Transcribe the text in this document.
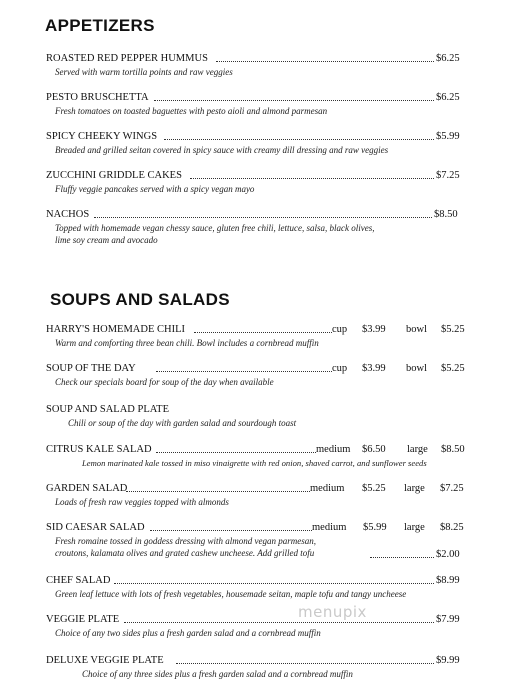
APPETIZERS
SOUPS AND SALADS
ROASTED RED PEPPER HUMMUS	$6.25
Served with warm tortilla points and raw veggies
PESTO BRUSCHETTA	$6.25
Fresh tomatoes on toasted baguettes with pesto aioli and almond parmesan
SPICY CHEEKY WINGS	$5.99
Breaded and grilled seitan covered in spicy sauce with creamy dill dressing and raw veggies
ZUCCHINI GRIDDLE CAKES	$7.25
Fluffy veggie pancakes served with a spicy vegan mayo
NACHOS	$8.50
Topped with homemade vegan chessy sauce, gluten free chili, lettuce, salsa, black olives,
lime soy cream and avocado
HARRY'S HOMEMADE CHILI	cup $3.99 bowl $5.25
Warm and comforting three bean chili. Bowl includes a cornbread muffin
SOUP OF THE DAY	cup $3.99 bowl $5.25
Check our specials board for soup of the day when available
SOUP AND SALAD PLATE
Chili or soup of the day with garden salad and sourdough toast
CITRUS KALE SALAD	medium $6.50 large $8.50
Lemon marinated kale tossed in miso vinaigrette with red onion, shaved carrot, and sunflower seeds
GARDEN SALAD	medium $5.25 large $7.25
Loads of fresh raw veggies topped with almonds
SID CAESAR SALAD	medium $5.99 large $8.25
Fresh romaine tossed in goddess dressing with almond vegan parmesan,
croutons, kalamata olives and grated cashew uncheese. Add grilled tofu	$2.00
CHEF SALAD	$8.99
Green leaf lettuce with lots of fresh vegetables, housemade seitan, maple tofu and tangy uncheese
VEGGIE PLATE	$7.99
Choice of any two sides plus a fresh garden salad and a cornbread muffin
DELUXE VEGGIE PLATE	$9.99
Choice of any three sides plus a fresh garden salad and a cornbread muffin
menupix
